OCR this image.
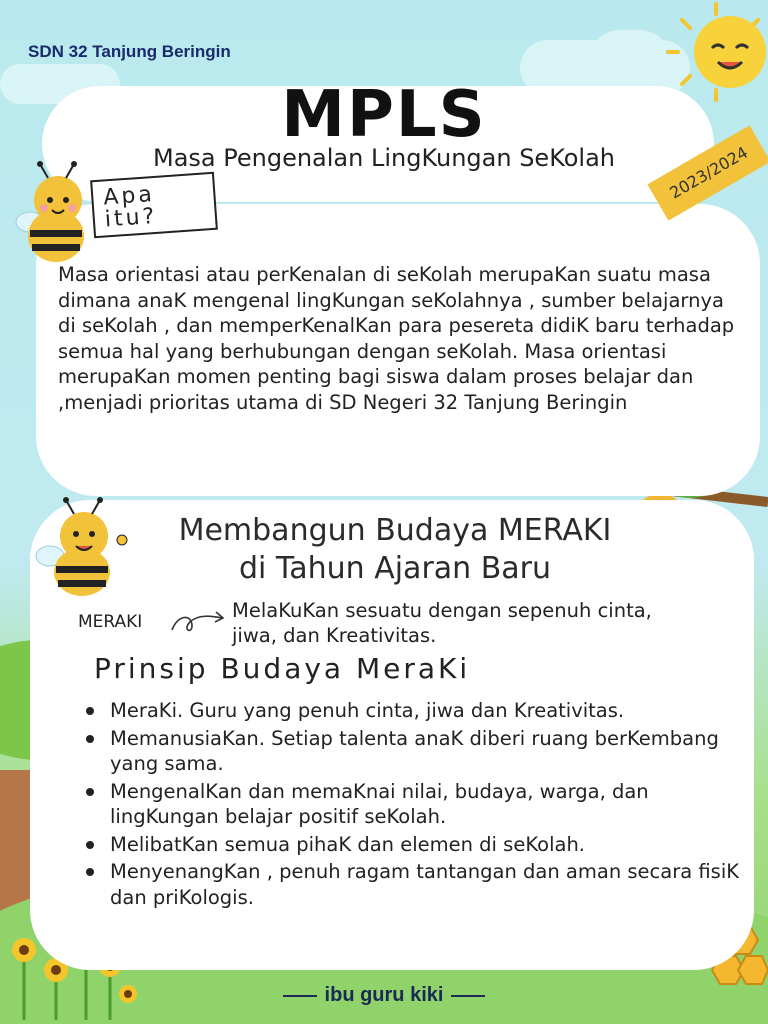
SDN 32 Tanjung Beringin
MPLS
Masa Pengenalan LingKungan SeKolah
Apa itu?
2023/2024
Masa orientasi atau perKenalan di seKolah merupaKan suatu masa dimana anaK mengenal lingKungan seKolahnya , sumber belajarnya di seKolah , dan memperKenalKan para pesereta didiK baru terhadap semua hal yang berhubungan dengan seKolah. Masa orientasi merupaKan momen penting bagi siswa dalam proses belajar dan ,menjadi prioritas utama di SD Negeri 32 Tanjung Beringin
Membangun Budaya MERAKI
di Tahun Ajaran Baru
MERAKI	MelaKuKan sesuatu dengan sepenuh cinta, jiwa, dan Kreativitas.
Prinsip Budaya MeraKi
MeraKi. Guru yang penuh cinta, jiwa dan Kreativitas.
MemanusiaKan. Setiap talenta anaK diberi ruang berKembang yang sama.
MengenalKan dan memaKnai nilai, budaya, warga, dan lingKungan belajar positif seKolah.
MelibatKan semua pihaK dan elemen di seKolah.
MenyenangKan , penuh ragam tantangan dan aman secara fisiK dan priKologis.
ibu guru kiki
